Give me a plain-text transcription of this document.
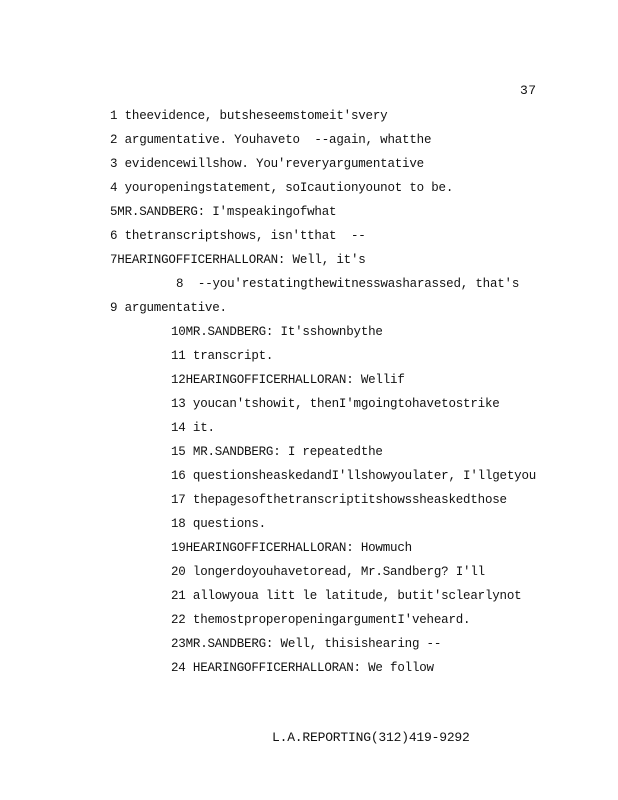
37
1 theevidence, butsheseemstomeit'svery
2 argumentative. Youhaveto  --again, whatthe
3 evidencewillshow. You'reveryargumentative
4 youropeningstatement, soIcautionyounot to be.
5MR.SANDBERG: I'mspeakingofwhat
6 thetranscriptshows, isn'tthat  --
7HEARINGOFFICERHALLORAN: Well, it's
8  --you'restatingthewitnesswasharassed, that's
9 argumentative.
10MR.SANDBERG: It'sshownbythe
11 transcript.
12HEARINGOFFICERHALLORAN: Wellif
13 youcan'tshowit, thenI'mgoingtohavetostrike
14 it.
15 MR.SANDBERG: I repeatedthe
16 questionsheaskedandI'llshowyoulater, I'llgetyou
17 thepagesofthetranscriptitshowssheaskedthose
18 questions.
19HEARINGOFFICERHALLORAN: Howmuch
20 longerdoyouhavetoread, Mr.Sandberg? I'll
21 allowyoua litt le latitude, butit'sclearlynot
22 themostproperopeningargumentI'veheard.
23MR.SANDBERG: Well, thisishearing --
24 HEARINGOFFICERHALLORAN: We follow
L.A.REPORTING(312)419-9292
